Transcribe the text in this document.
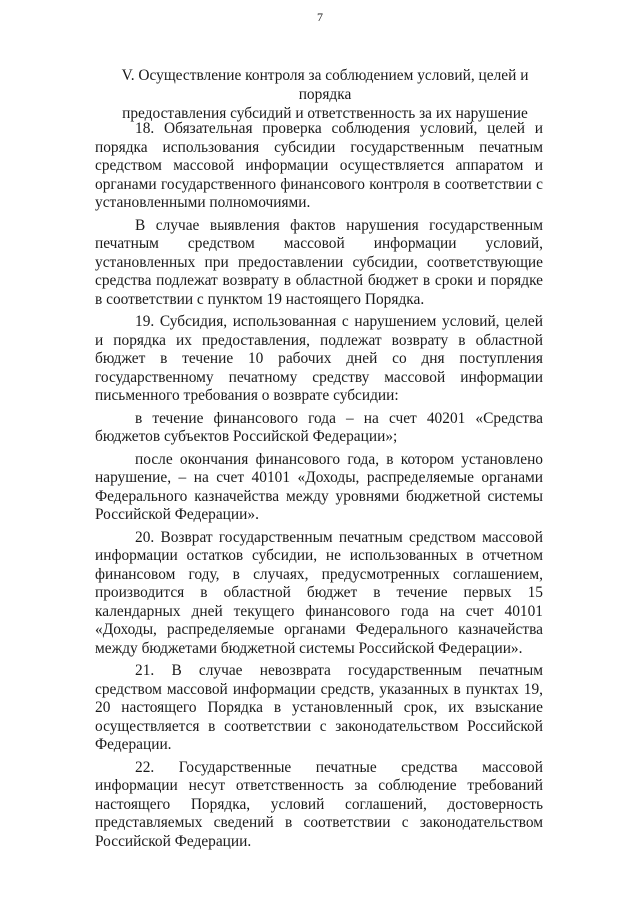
7
V. Осуществление контроля за соблюдением условий, целей и порядка
предоставления субсидий и ответственность за их нарушение

18. Обязательная проверка соблюдения условий, целей и порядка использования субсидии государственным печатным средством массовой информации осуществляется аппаратом и органами государственного финансового контроля в соответствии с установленными полномочиями.

В случае выявления фактов нарушения государственным печатным средством массовой информации условий, установленных при предоставлении субсидии, соответствующие средства подлежат возврату в областной бюджет в сроки и порядке в соответствии с пунктом 19 настоящего Порядка.

19. Субсидия, использованная с нарушением условий, целей и порядка их предоставления, подлежат возврату в областной бюджет в течение 10 рабочих дней со дня поступления государственному печатному средству массовой информации письменного требования о возврате субсидии:

в течение финансового года – на счет 40201 «Средства бюджетов субъектов Российской Федерации»;

после окончания финансового года, в котором установлено нарушение, – на счет 40101 «Доходы, распределяемые органами Федерального казначейства между уровнями бюджетной системы Российской Федерации».

20. Возврат государственным печатным средством массовой информации остатков субсидии, не использованных в отчетном финансовом году, в случаях, предусмотренных соглашением, производится в областной бюджет в течение первых 15 календарных дней текущего финансового года на счет 40101 «Доходы, распределяемые органами Федерального казначейства между бюджетами бюджетной системы Российской Федерации».

21. В случае невозврата государственным печатным средством массовой информации средств, указанных в пунктах 19, 20 настоящего Порядка в установленный срок, их взыскание осуществляется в соответствии с законодательством Российской Федерации.

22. Государственные печатные средства массовой информации несут ответственность за соблюдение требований настоящего Порядка, условий соглашений, достоверность представляемых сведений в соответствии с законодательством Российской Федерации.
